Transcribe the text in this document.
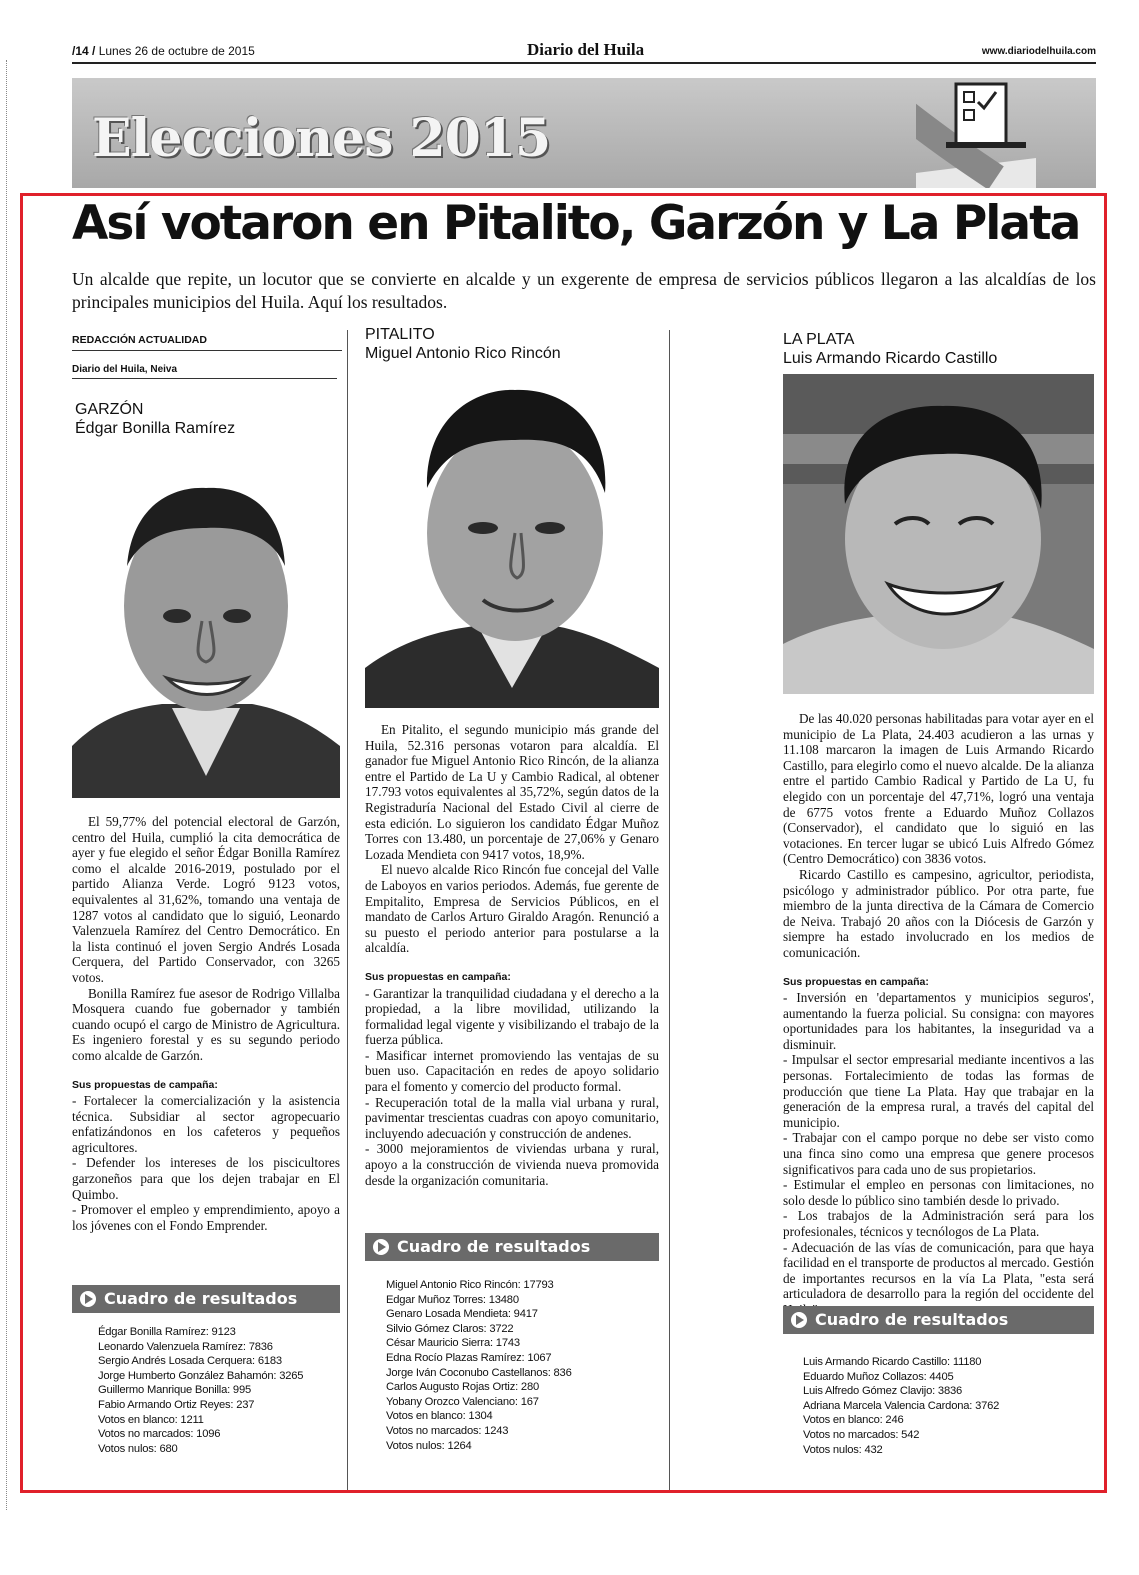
/14 / Lunes 26 de octubre de 2015	Diario del Huila	www.diariodelhuila.com
Elecciones 2015
Así votaron en Pitalito, Garzón y La Plata
Un alcalde que repite, un locutor que se convierte en alcalde y un exgerente de empresa de servicios públicos llegaron a las alcaldías de los principales municipios del Huila. Aquí los resultados.
REDACCIÓN ACTUALIDAD
Diario del Huila, Neiva
GARZÓN
Édgar Bonilla Ramírez

El 59,77% del potencial electoral de Garzón, centro del Huila, cumplió la cita democrática de ayer y fue elegido el señor Édgar Bonilla Ramírez como el alcalde 2016-2019, postulado por el partido Alianza Verde. Logró 9123 votos, equivalentes al 31,62%, tomando una ventaja de 1287 votos al candidato que lo siguió, Leonardo Valenzuela Ramírez del Centro Democrático. En la lista continuó el joven Sergio Andrés Losada Cerquera, del Partido Conservador, con 3265 votos.

Bonilla Ramírez fue asesor de Rodrigo Villalba Mosquera cuando fue gobernador y también cuando ocupó el cargo de Ministro de Agricultura. Es ingeniero forestal y es su segundo periodo como alcalde de Garzón.

Sus propuestas de campaña:

- Fortalecer la comercialización y la asistencia técnica. Subsidiar al sector agropecuario enfatizándonos en los cafeteros y pequeños agricultores.

- Defender los intereses de los piscicultores garzoneños para que los dejen trabajar en El Quimbo.

- Promover el empleo y emprendimiento, apoyo a los jóvenes con el Fondo Emprender.

Cuadro de resultados
Édgar Bonilla Ramírez: 9123
Leonardo Valenzuela Ramírez: 7836
Sergio Andrés Losada Cerquera: 6183
Jorge Humberto González Bahamón: 3265
Guillermo Manrique Bonilla: 995
Fabio Armando Ortiz Reyes: 237
Votos en blanco: 1211
Votos no marcados: 1096
Votos nulos: 680
PITALITO
Miguel Antonio Rico Rincón

En Pitalito, el segundo municipio más grande del Huila, 52.316 personas votaron para alcaldía. El ganador fue Miguel Antonio Rico Rincón, de la alianza entre el Partido de La U y Cambio Radical, al obtener 17.793 votos equivalentes al 35,72%, según datos de la Registraduría Nacional del Estado Civil al cierre de esta edición. Lo siguieron los candidato Édgar Muñoz Torres con 13.480, un porcentaje de 27,06% y Genaro Lozada Mendieta con 9417 votos, 18,9%.

El nuevo alcalde Rico Rincón fue concejal del Valle de Laboyos en varios periodos. Además, fue gerente de Empitalito, Empresa de Servicios Públicos, en el mandato de Carlos Arturo Giraldo Aragón. Renunció a su puesto el periodo anterior para postularse a la alcaldía.

Sus propuestas en campaña:

- Garantizar la tranquilidad ciudadana y el derecho a la propiedad, a la libre movilidad, utilizando la formalidad legal vigente y visibilizando el trabajo de la fuerza pública.

- Masificar internet promoviendo las ventajas de su buen uso. Capacitación en redes de apoyo solidario para el fomento y comercio del producto formal.

- Recuperación total de la malla vial urbana y rural, pavimentar trescientas cuadras con apoyo comunitario, incluyendo adecuación y construcción de andenes.

- 3000 mejoramientos de viviendas urbana y rural, apoyo a la construcción de vivienda nueva promovida desde la organización comunitaria.

Cuadro de resultados
Miguel Antonio Rico Rincón: 17793
Edgar Muñoz Torres: 13480
Genaro Losada Mendieta: 9417
Silvio Gómez Claros: 3722
César Mauricio Sierra: 1743
Edna Rocío Plazas Ramírez: 1067
Jorge Iván Coconubo Castellanos: 836
Carlos Augusto Rojas Ortiz: 280
Yobany Orozco Valenciano: 167
Votos en blanco: 1304
Votos no marcados: 1243
Votos nulos: 1264
LA PLATA
Luis Armando Ricardo Castillo

De las 40.020 personas habilitadas para votar ayer en el municipio de La Plata, 24.403 acudieron a las urnas y 11.108 marcaron la imagen de Luis Armando Ricardo Castillo, para elegirlo como el nuevo alcalde. De la alianza entre el partido Cambio Radical y Partido de La U, fu elegido con un porcentaje del 47,71%, logró una ventaja de 6775 votos frente a Eduardo Muñoz Collazos (Conservador), el candidato que lo siguió en las votaciones. En tercer lugar se ubicó Luis Alfredo Gómez (Centro Democrático) con 3836 votos.

Ricardo Castillo es campesino, agricultor, periodista, psicólogo y administrador público. Por otra parte, fue miembro de la junta directiva de la Cámara de Comercio de Neiva. Trabajó 20 años con la Diócesis de Garzón y siempre ha estado involucrado en los medios de comunicación.

Sus propuestas en campaña:

- Inversión en 'departamentos y municipios seguros', aumentando la fuerza policial. Su consigna: con mayores oportunidades para los habitantes, la inseguridad va a disminuir.

- Impulsar el sector empresarial mediante incentivos a las personas. Fortalecimiento de todas las formas de producción que tiene La Plata. Hay que trabajar en la generación de la empresa rural, a través del capital del municipio.

- Trabajar con el campo porque no debe ser visto como una finca sino como una empresa que genere procesos significativos para cada uno de sus propietarios.

- Estimular el empleo en personas con limitaciones, no solo desde lo público sino también desde lo privado.

- Los trabajos de la Administración será para los profesionales, técnicos y tecnólogos de La Plata.

- Adecuación de las vías de comunicación, para que haya facilidad en el transporte de productos al mercado. Gestión de importantes recursos en la vía La Plata, "esta será articuladora de desarrollo para la región del occidente del

Cuadro de resultados
Luis Armando Ricardo Castillo: 11180
Eduardo Muñoz Collazos: 4405
Luis Alfredo Gómez Clavijo: 3836
Adriana Marcela Valencia Cardona: 3762
Votos en blanco: 246
Votos no marcados: 542
Votos nulos: 432
